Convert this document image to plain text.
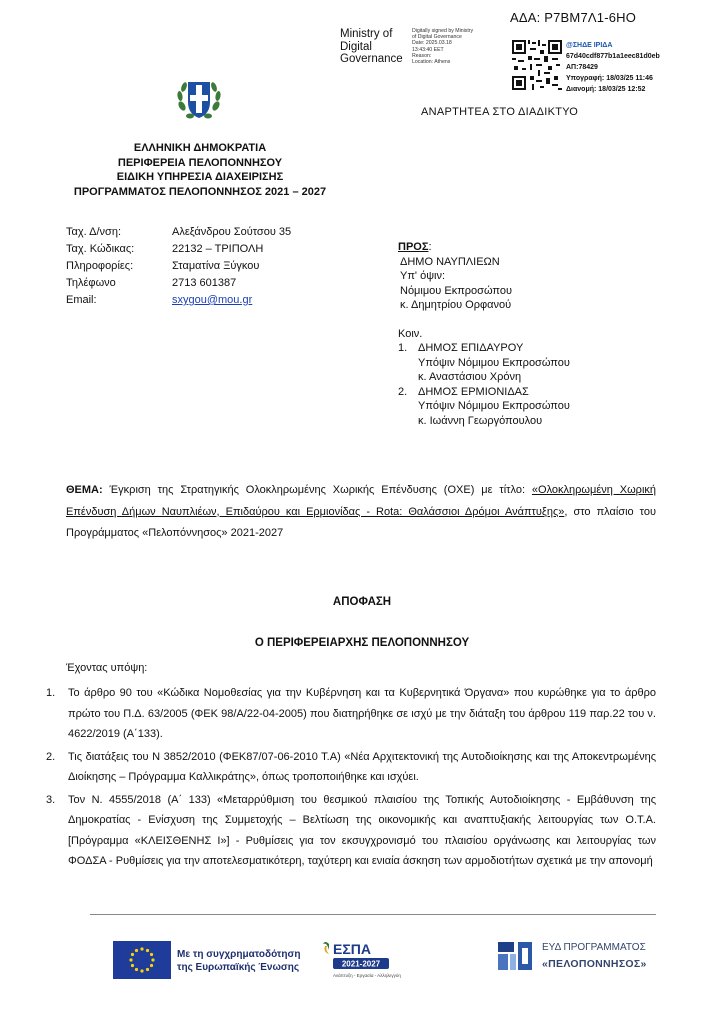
ΑΔΑ: Ρ7ΒΜ7Λ1-6ΗΟ
Ministry of
Digital
Governance
Digitally signed by Ministry
of Digital Governance
Date: 2025.03.18
13:43:40 EET
Reason:
Location: Athens
@ΣΗΔΕ ΙΡΙΔΑ
67d40cdf877b1a1eec81d0eb
ΑΠ:78429
Υπογραφή: 18/03/25 11:46
Διανομή: 18/03/25 12:52
ΑΝΑΡΤΗΤΕΑ ΣΤΟ ΔΙΑΔΙΚΤΥΟ
ΕΛΛΗΝΙΚΗ ΔΗΜΟΚΡΑΤΙΑ
ΠΕΡΙΦΕΡΕΙΑ ΠΕΛΟΠΟΝΝΗΣΟΥ
ΕΙΔΙΚΗ ΥΠΗΡΕΣΙΑ ΔΙΑΧΕΙΡΙΣΗΣ
ΠΡΟΓΡΑΜΜΑΤΟΣ ΠΕΛΟΠΟΝΝΗΣΟΣ 2021 – 2027
Ταχ. Δ/νση:	Αλεξάνδρου Σούτσου 35
Ταχ. Κώδικας:	22132 – ΤΡΙΠΟΛΗ
Πληροφορίες:	Σταματίνα Ξύγκου
Τηλέφωνο	2713 601387
Email:	sxygou@mou.gr
ΠΡΟΣ:
ΔΗΜΟ ΝΑΥΠΛΙΕΩΝ
Υπ' όψιν:
Νόμιμου Εκπροσώπου
κ. Δημητρίου Ορφανού
Κοιν.
1. ΔΗΜΟΣ ΕΠΙΔΑΥΡΟΥ
Υπόψιν Νόμιμου Εκπροσώπου
κ. Αναστάσιου Χρόνη
2. ΔΗΜΟΣ ΕΡΜΙΟΝΙΔΑΣ
Υπόψιν Νόμιμου Εκπροσώπου
κ. Ιωάννη Γεωργόπουλου
ΘΕΜΑ: Έγκριση της Στρατηγικής Ολοκληρωμένης Χωρικής Επένδυσης (ΟΧΕ) με τίτλο: «Ολοκληρωμένη Χωρική Επένδυση Δήμων Ναυπλιέων, Επιδαύρου και Ερμιονίδας - Rota: Θαλάσσιοι Δρόμοι Ανάπτυξης», στο πλαίσιο του Προγράμματος «Πελοπόννησος» 2021-2027
ΑΠΟΦΑΣΗ
Ο ΠΕΡΙΦΕΡΕΙΑΡΧΗΣ ΠΕΛΟΠΟΝΝΗΣΟΥ
Έχοντας υπόψη:
1.	Το άρθρο 90 του «Κώδικα Νομοθεσίας για την Κυβέρνηση και τα Κυβερνητικά Όργανα» που κυρώθηκε για το άρθρο πρώτο του Π.Δ. 63/2005 (ΦΕΚ 98/Α/22-04-2005) που διατηρήθηκε σε ισχύ με την διάταξη του άρθρου 119 παρ.22 του ν. 4622/2019 (Α΄133).
2.	Τις διατάξεις του Ν 3852/2010 (ΦΕΚ87/07-06-2010 Τ.Α) «Νέα Αρχιτεκτονική της Αυτοδιοίκησης και της Αποκεντρωμένης Διοίκησης – Πρόγραμμα Καλλικράτης», όπως τροποποιήθηκε και ισχύει.
3.	Τον Ν. 4555/2018 (Α΄ 133) «Μεταρρύθμιση του θεσμικού πλαισίου της Τοπικής Αυτοδιοίκησης - Εμβάθυνση της Δημοκρατίας - Ενίσχυση της Συμμετοχής – Βελτίωση της οικονομικής και αναπτυξιακής λειτουργίας των Ο.Τ.Α. [Πρόγραμμα «ΚΛΕΙΣΘΕΝΗΣ Ι»] - Ρυθμίσεις για τον εκσυγχρονισμό του πλαισίου οργάνωσης και λειτουργίας των ΦΟΔΣΑ - Ρυθμίσεις για την αποτελεσματικότερη, ταχύτερη και ενιαία άσκηση των αρμοδιοτήτων σχετικά με την απονομή
Με τη συγχρηματοδότηση
της Ευρωπαϊκής Ένωσης
ΕΣΠΑ
2021-2027
Ανάπτυξη - Εργασία - Αλληλεγγύη
ΕΥΔ ΠΡΟΓΡΑΜΜΑΤΟΣ
«ΠΕΛΟΠΟΝΝΗΣΟΣ»
